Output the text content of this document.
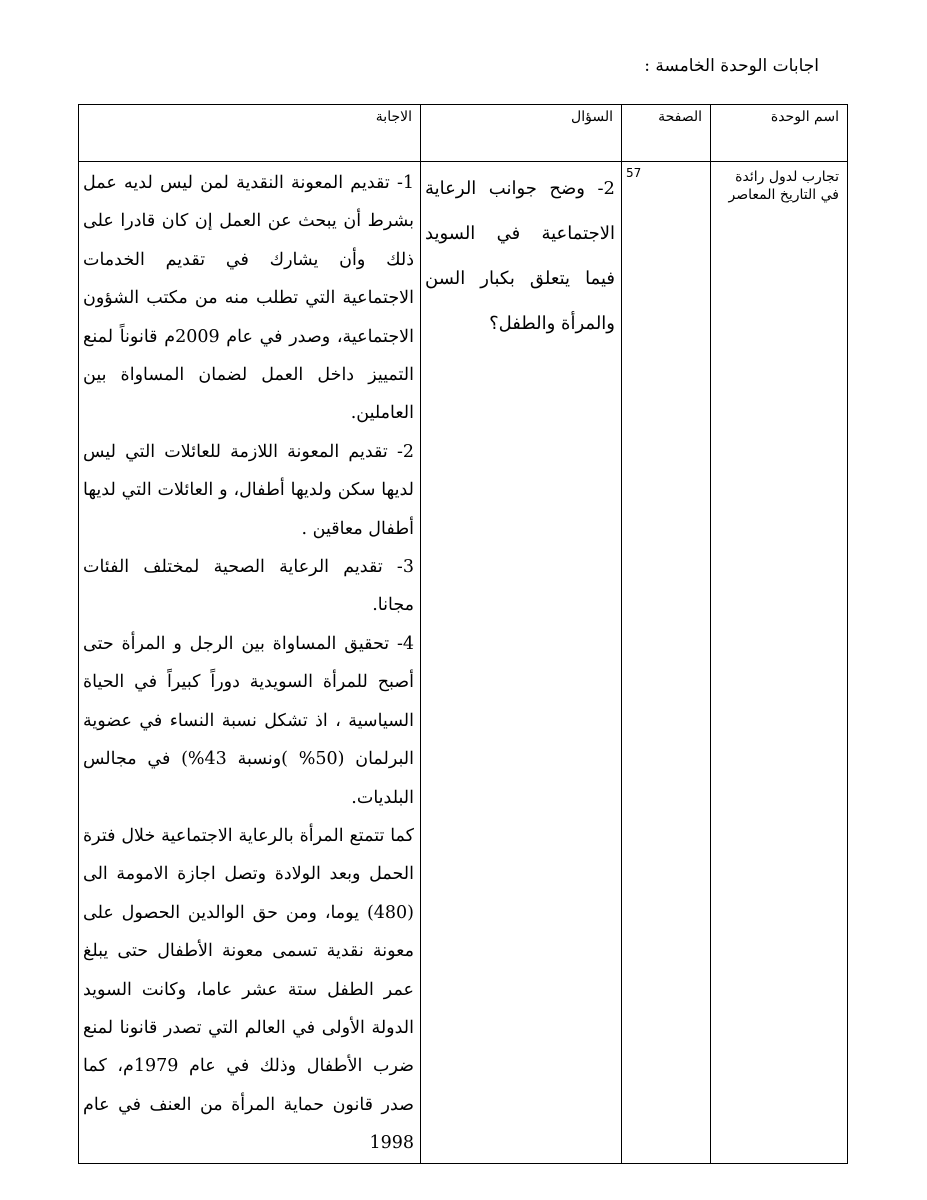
اجابات الوحدة الخامسة :
اسم الوحدة	الصفحة	السؤال	الاجابة

تجارب لدول رائدة في التاريخ المعاصر	57	2- وضح جوانب الرعاية الاجتماعية في السويد فيما يتعلق بكبار السن والمرأة والطفل؟	1- تقديم المعونة النقدية لمن ليس لديه عمل بشرط أن يبحث عن العمل إن كان قادرا على ذلك وأن يشارك في تقديم الخدمات الاجتماعية التي تطلب منه من مكتب الشؤون الاجتماعية، وصدر في عام 2009م قانوناً لمنع التمييز داخل العمل لضمان المساواة بين العاملين.

2- تقديم المعونة اللازمة للعائلات التي ليس لديها سكن ولديها أطفال، و العائلات التي لديها أطفال معاقين .

3- تقديم الرعاية الصحية لمختلف الفئات مجانا.

4- تحقيق المساواة بين الرجل و المرأة حتى أصبح للمرأة السويدية دوراً كبيراً في الحياة السياسية ، اذ تشكل نسبة النساء في عضوية البرلمان (50% )ونسبة 43%) في مجالس البلديات.

كما تتمتع المرأة بالرعاية الاجتماعية خلال فترة الحمل وبعد الولادة وتصل اجازة الامومة الى (480) يوما، ومن حق الوالدين الحصول على معونة نقدية تسمى معونة الأطفال حتى يبلغ عمر الطفل ستة عشر عاما، وكانت السويد الدولة الأولى في العالم التي تصدر قانونا لمنع ضرب الأطفال وذلك في عام 1979م، كما صدر قانون حماية المرأة من العنف في عام 1998
